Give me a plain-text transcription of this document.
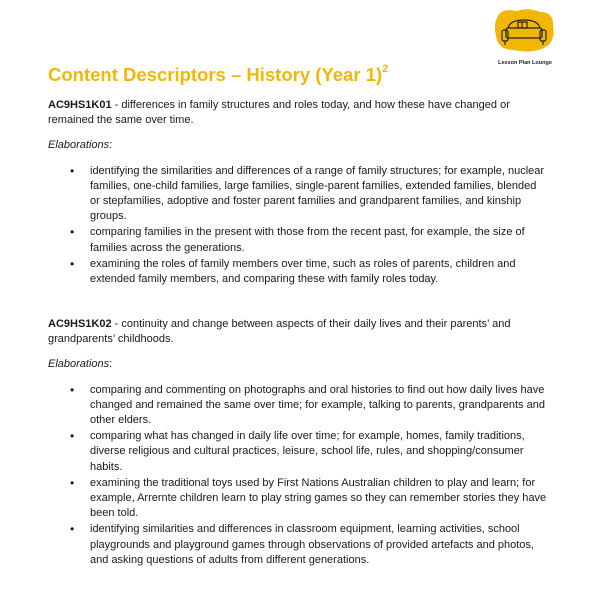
Lesson Plan Lounge
Content Descriptors – History (Year 1)$^2$
AC9HS1K01 - differences in family structures and roles today, and how these have changed or remained the same over time.
Elaborations:
• identifying the similarities and differences of a range of family structures; for example, nuclear families, one-child families, large families, single-parent families, extended families, blended or stepfamilies, adoptive and foster parent families and grandparent families, and kinship groups.
• comparing families in the present with those from the recent past, for example, the size of families across the generations.
• examining the roles of family members over time, such as roles of parents, children and extended family members, and comparing these with family roles today.
AC9HS1K02 - continuity and change between aspects of their daily lives and their parents’ and grandparents’ childhoods.
Elaborations:
• comparing and commenting on photographs and oral histories to find out how daily lives have changed and remained the same over time; for example, talking to parents, grandparents and other elders.
• comparing what has changed in daily life over time; for example, homes, family traditions, diverse religious and cultural practices, leisure, school life, rules, and shopping/consumer habits.
• examining the traditional toys used by First Nations Australian children to play and learn; for example, Arrernte children learn to play string games so they can remember stories they have been told.
• identifying similarities and differences in classroom equipment, learning activities, school playgrounds and playground games through observations of provided artefacts and photos, and asking questions of adults from different generations.
